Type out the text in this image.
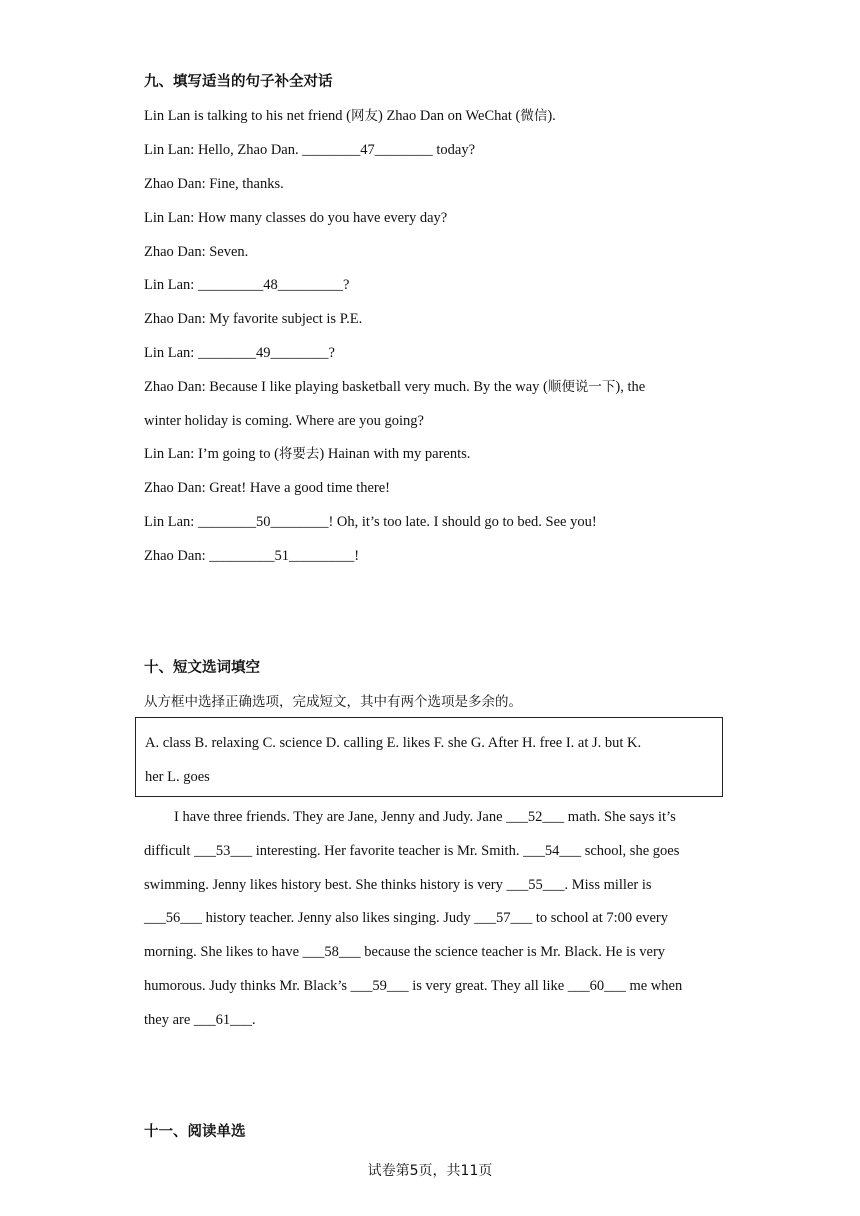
九、填写适当的句子补全对话
Lin Lan is talking to his net friend (网友) Zhao Dan on WeChat (微信).
Lin Lan: Hello, Zhao Dan. ________47________ today?
Zhao Dan: Fine, thanks.
Lin Lan: How many classes do you have every day?
Zhao Dan: Seven.
Lin Lan: _________48_________?
Zhao Dan: My favorite subject is P.E.
Lin Lan: ________49________?
Zhao Dan: Because I like playing basketball very much. By the way (顺便说一下), the
winter holiday is coming. Where are you going?
Lin Lan: I’m going to (将要去) Hainan with my parents.
Zhao Dan: Great! Have a good time there!
Lin Lan: ________50________! Oh, it’s too late. I should go to bed. See you!
Zhao Dan: _________51_________!
十、短文选词填空
从方框中选择正确选项，完成短文，其中有两个选项是多余的。
A. class B. relaxing C. science D. calling E. likes F. she G. After H. free I. at J. but K.
her L. goes
I have three friends. They are Jane, Jenny and Judy. Jane ___52___ math. She says it’s
difficult ___53___ interesting. Her favorite teacher is Mr. Smith. ___54___ school, she goes
swimming. Jenny likes history best. She thinks history is very ___55___. Miss miller is
___56___ history teacher. Jenny also likes singing. Judy ___57___ to school at 7:00 every
morning. She likes to have ___58___ because the science teacher is Mr. Black. He is very
humorous. Judy thinks Mr. Black’s ___59___ is very great. They all like ___60___ me when
they are ___61___.
十一、阅读单选
试卷第5页，共11页
